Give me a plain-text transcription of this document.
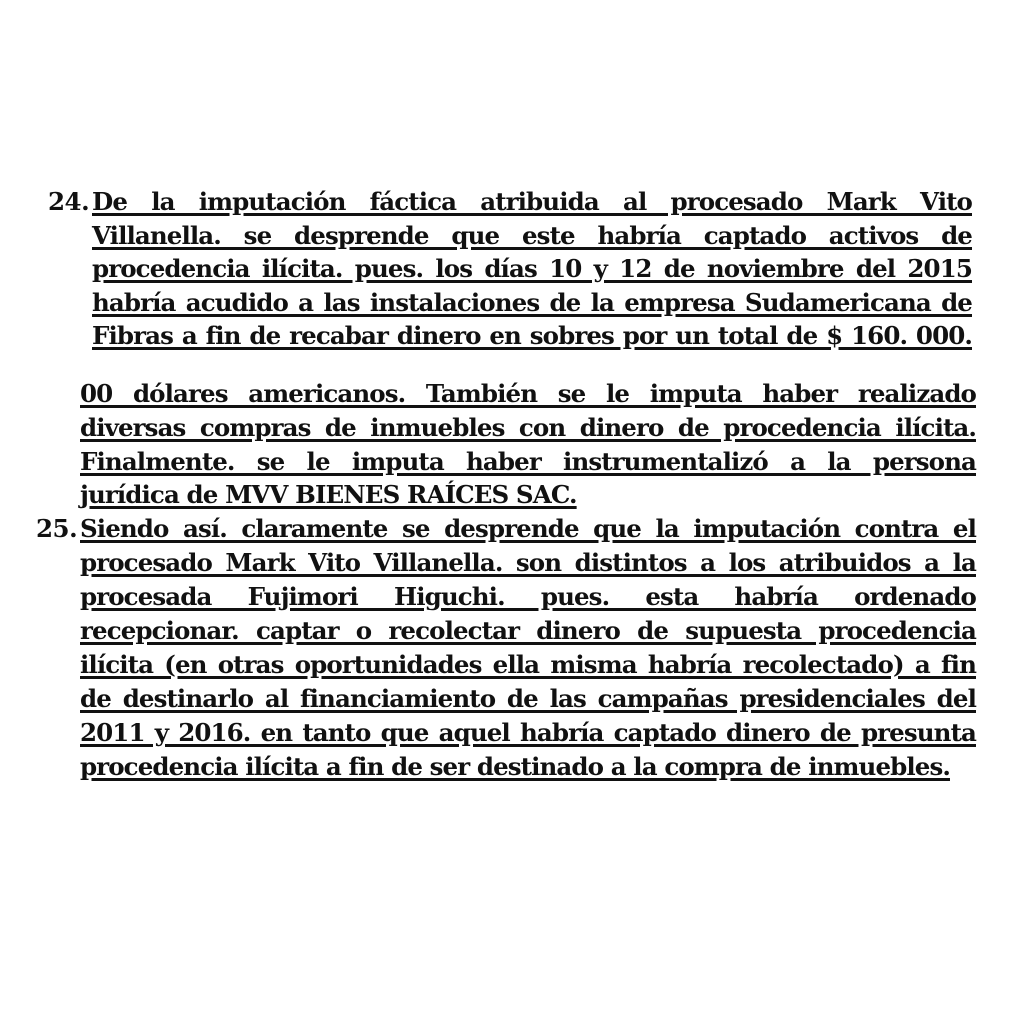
24. De la imputación fáctica atribuida al procesado Mark Vito
Villanella. se desprende que este habría captado activos de
procedencia ilícita. pues. los días 10 y 12 de noviembre del 2015
habría acudido a las instalaciones de la empresa Sudamericana de
Fibras a fin de recabar dinero en sobres por un total de $ 160. 000.
00 dólares americanos. También se le imputa haber realizado
diversas compras de inmuebles con dinero de procedencia ilícita.
Finalmente. se le imputa haber instrumentalizó a la persona
jurídica de MVV BIENES RAÍCES SAC.
25. Siendo así. claramente se desprende que la imputación contra el
procesado Mark Vito Villanella. son distintos a los atribuidos a la
procesada Fujimori Higuchi. pues. esta habría ordenado
recepcionar. captar o recolectar dinero de supuesta procedencia
ilícita (en otras oportunidades ella misma habría recolectado) a fin
de destinarlo al financiamiento de las campañas presidenciales del
2011 y 2016. en tanto que aquel habría captado dinero de presunta
procedencia ilícita a fin de ser destinado a la compra de inmuebles.
